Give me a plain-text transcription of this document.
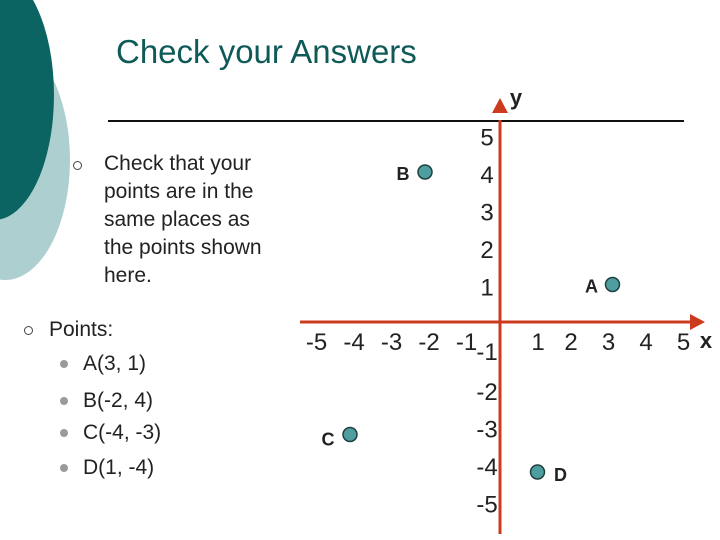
Check your Answers
Check that your
points are in the
same places as
the points shown
here.
Points:
A(3, 1)
B(-2, 4)
C(-4, -3)
D(1, -4)
x
y
-5 -4 -3 -2 -1 1 2 3 4 5
5
4
3
2
1
-1
-2
-3
-4
-5
A
B
C
D
